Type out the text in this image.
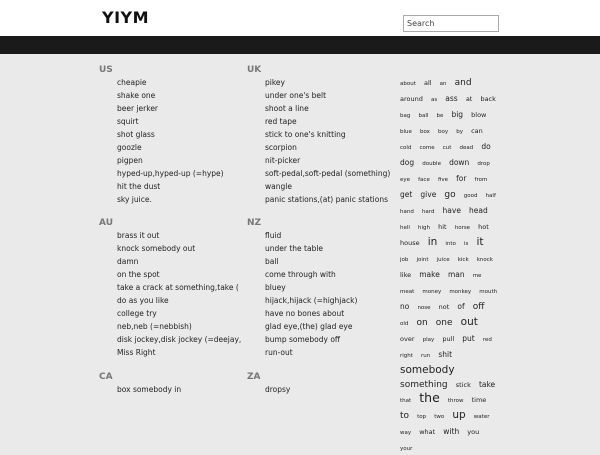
YIYM
Search
US
• cheapie
• shake one
• beer jerker
• squirt
• shot glass
• goozle
• pigpen
• hyped-up,hyped-up (=hype)
• hit the dust
• sky juice.
UK
• pikey
• under one's belt
• shoot a line
• red tape
• stick to one's knitting
• scorpion
• nit-picker
• soft-pedal,soft-pedal (something)
• wangle
• panic stations,(at) panic stations
AU
• brass it out
• knock somebody out
• damn
• on the spot
• take a crack at something,take (
• do as you like
• college try
• neb,neb (=nebbish)
• disk jockey,disk jockey (=deejay,
• Miss Right
NZ
• fluid
• under the table
• ball
• come through with
• bluey
• hijack,hijack (=highjack)
• have no bones about
• glad eye,(the) glad eye
• bump somebody off
• run-out
CA
• box somebody in
ZA
• dropsy
about all an and around as ass at back bag ball be big blow blue box boy by can cold come cut dead do dog double down drop eye face five for from get give go good half hand hard have head hell high hit horse hot house in into is it job joint juice kick knock like make man me meat money monkey mouth no nose not of off old on one out over play pull put red right run shit somebody something stick take that the throw time to top two up water way what with you your
